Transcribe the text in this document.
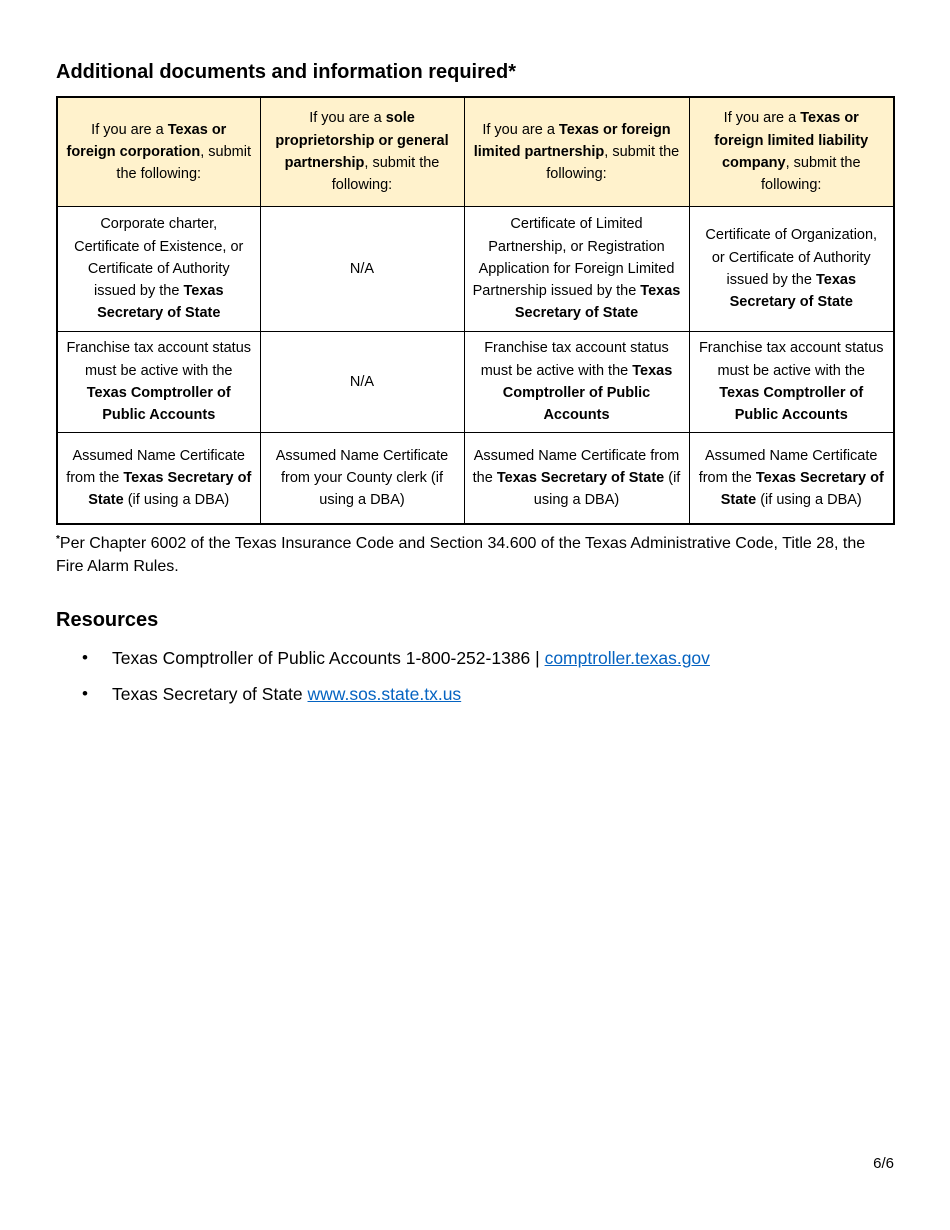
Additional documents and information required*
If you are a Texas or foreign corporation, submit the following:	If you are a sole proprietorship or general partnership, submit the following:	If you are a Texas or foreign limited partnership, submit the following:	If you are a Texas or foreign limited liability company, submit the following:
Corporate charter, Certificate of Existence, or Certificate of Authority issued by the Texas Secretary of State	N/A	Certificate of Limited Partnership, or Registration Application for Foreign Limited Partnership issued by the Texas Secretary of State	Certificate of Organization, or Certificate of Authority issued by the Texas Secretary of State
Franchise tax account status must be active with the Texas Comptroller of Public Accounts	N/A	Franchise tax account status must be active with the Texas Comptroller of Public Accounts	Franchise tax account status must be active with the Texas Comptroller of Public Accounts
Assumed Name Certificate from the Texas Secretary of State (if using a DBA)	Assumed Name Certificate from your County clerk (if using a DBA)	Assumed Name Certificate from the Texas Secretary of State (if using a DBA)	Assumed Name Certificate from the Texas Secretary of State (if using a DBA)

*Per Chapter 6002 of the Texas Insurance Code and Section 34.600 of the Texas Administrative Code, Title 28, the Fire Alarm Rules.

Resources
• Texas Comptroller of Public Accounts 1-800-252-1386 | comptroller.texas.gov
• Texas Secretary of State www.sos.state.tx.us
6/6
